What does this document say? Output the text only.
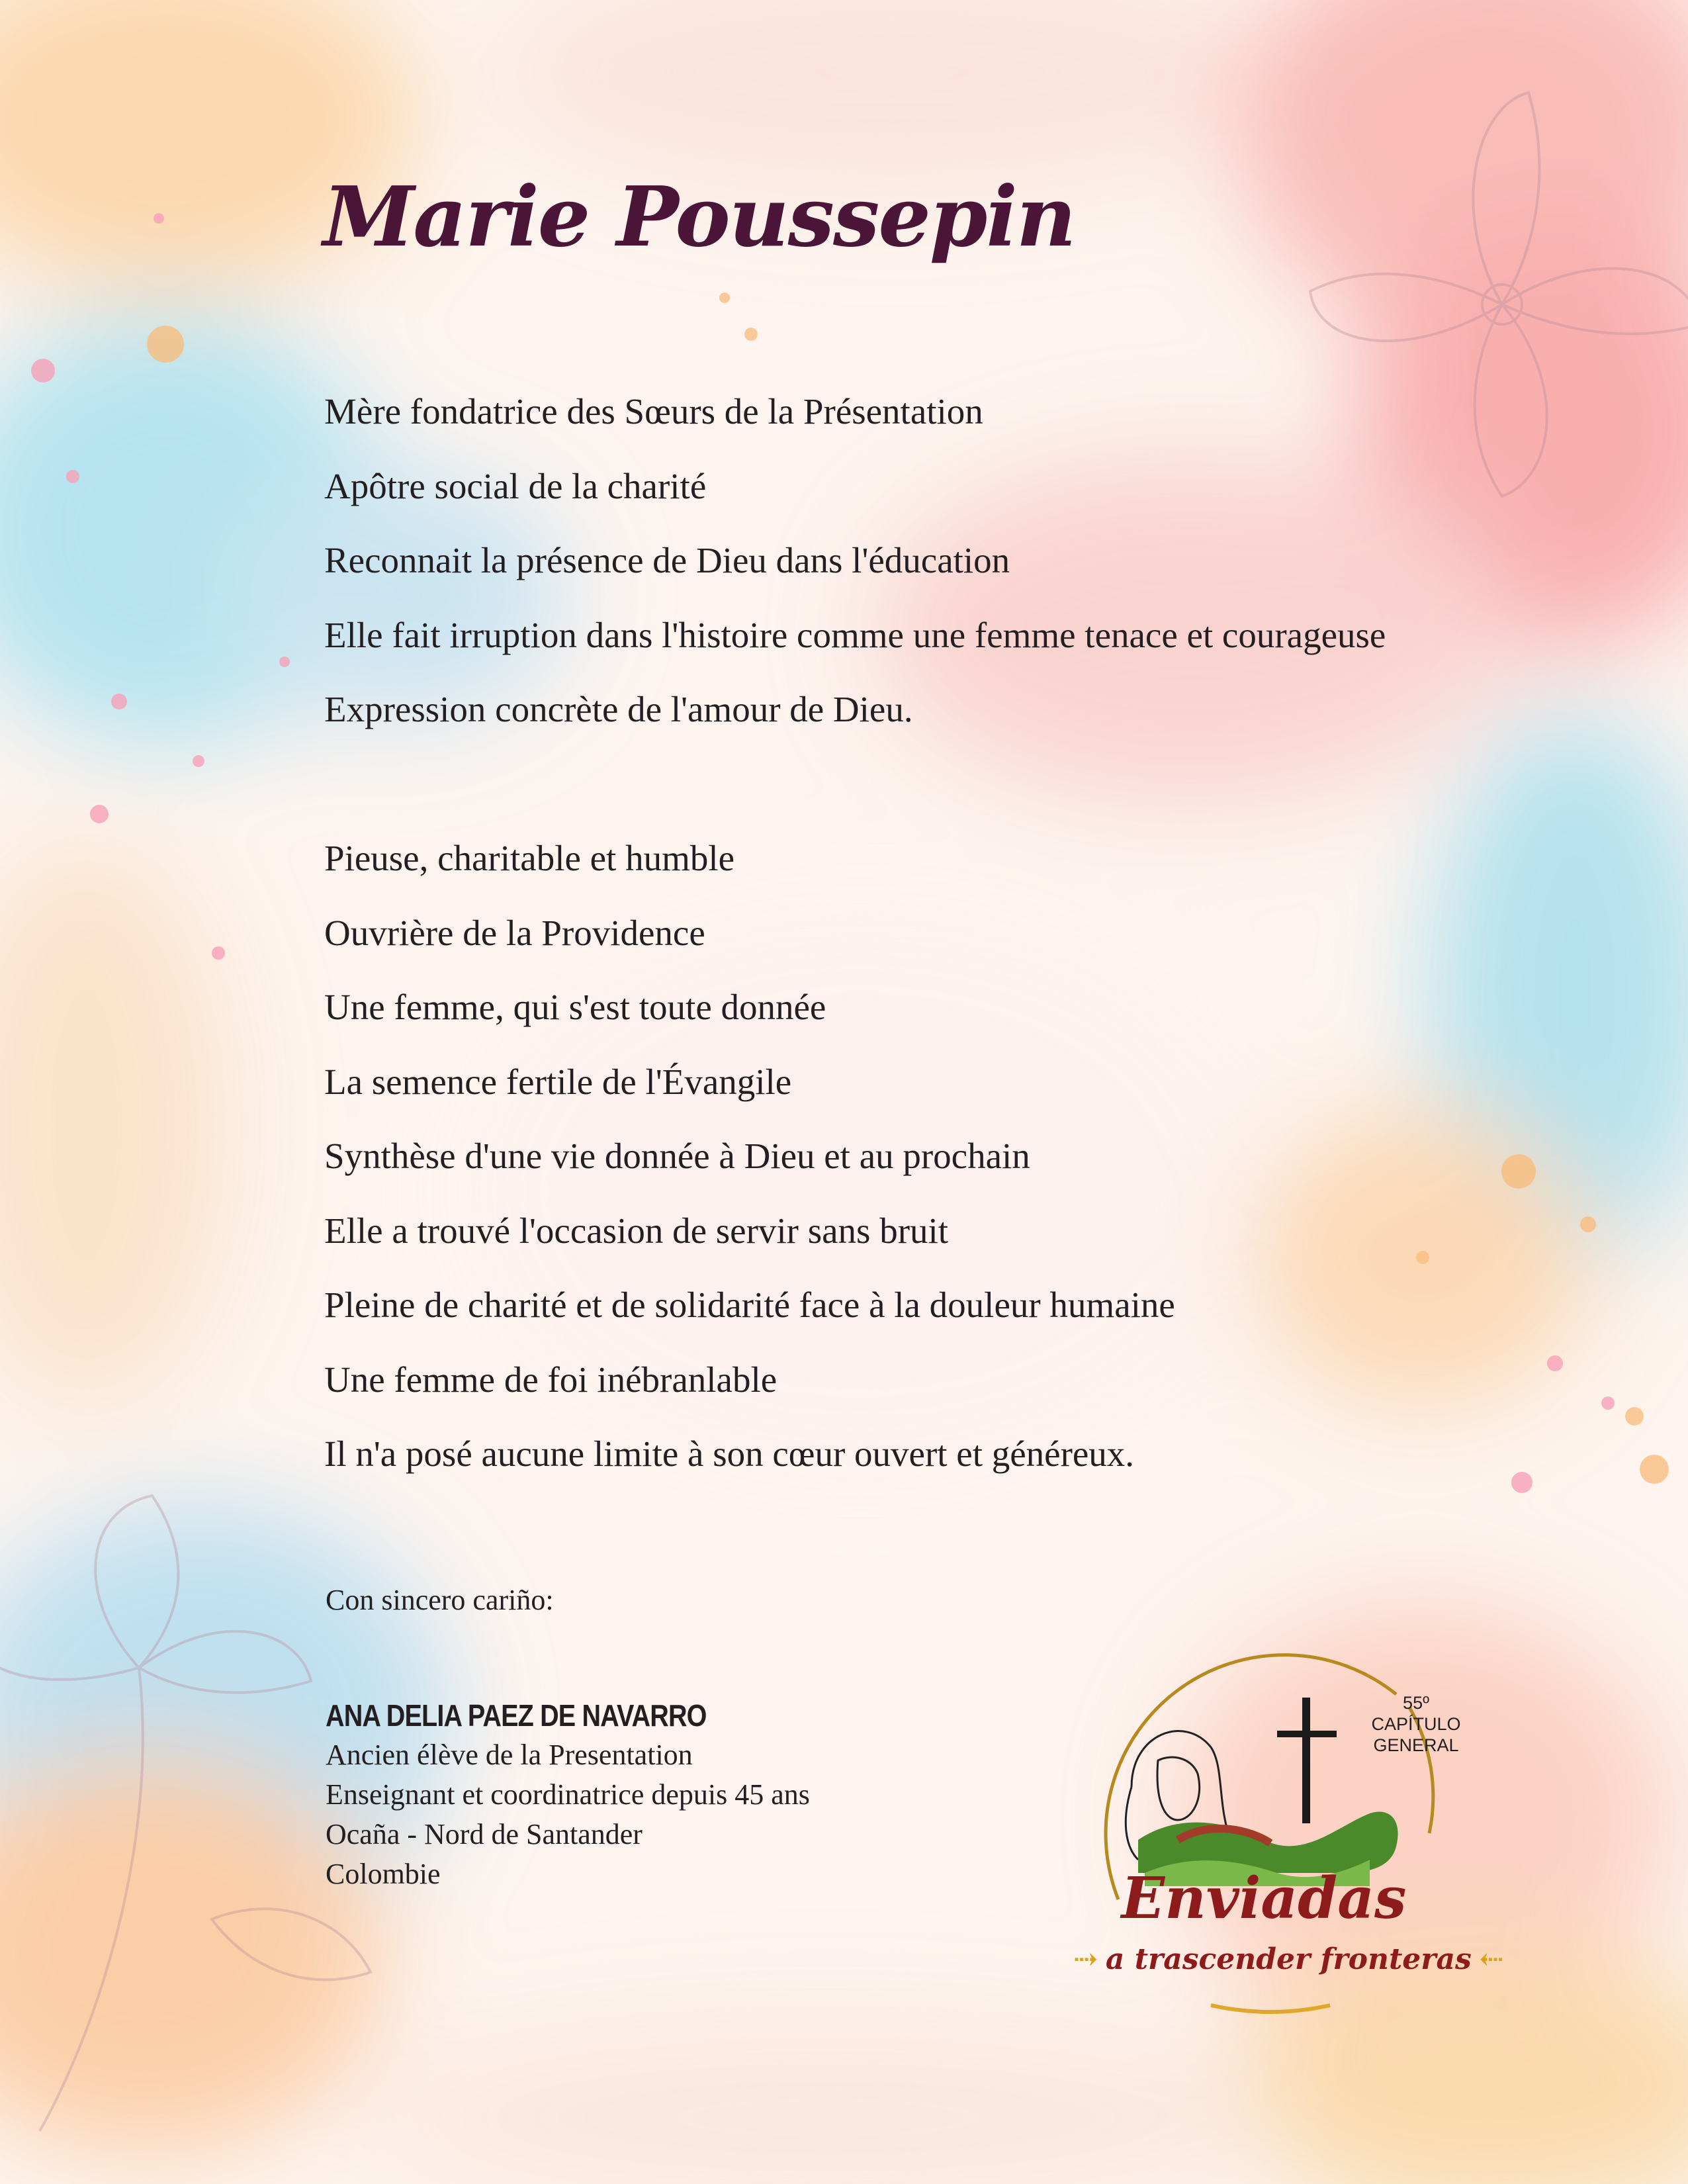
Marie Poussepin
Mère fondatrice des Sœurs de la Présentation
Apôtre social de la charité
Reconnait la présence de Dieu dans l'éducation
Elle fait irruption dans l'histoire comme une femme tenace et courageuse
Expression concrète de l'amour de Dieu.
Pieuse, charitable et humble
Ouvrière de la Providence
Une femme, qui s'est toute donnée
La semence fertile de l'Évangile
Synthèse d'une vie donnée à Dieu et au prochain
Elle a trouvé l'occasion de servir sans bruit
Pleine de charité et de solidarité face à la douleur humaine
Une femme de foi inébranlable
Il n'a posé aucune limite à son cœur ouvert et généreux.
Con sincero cariño:
ANA DELIA PAEZ DE NAVARRO
Ancien élève de la Presentation
Enseignant et coordinatrice depuis 45 ans
Ocaña - Nord de Santander
Colombie
55º
CAPÍTULO
GENERAL
Enviadas
⇢ a trascender fronteras ⇠
